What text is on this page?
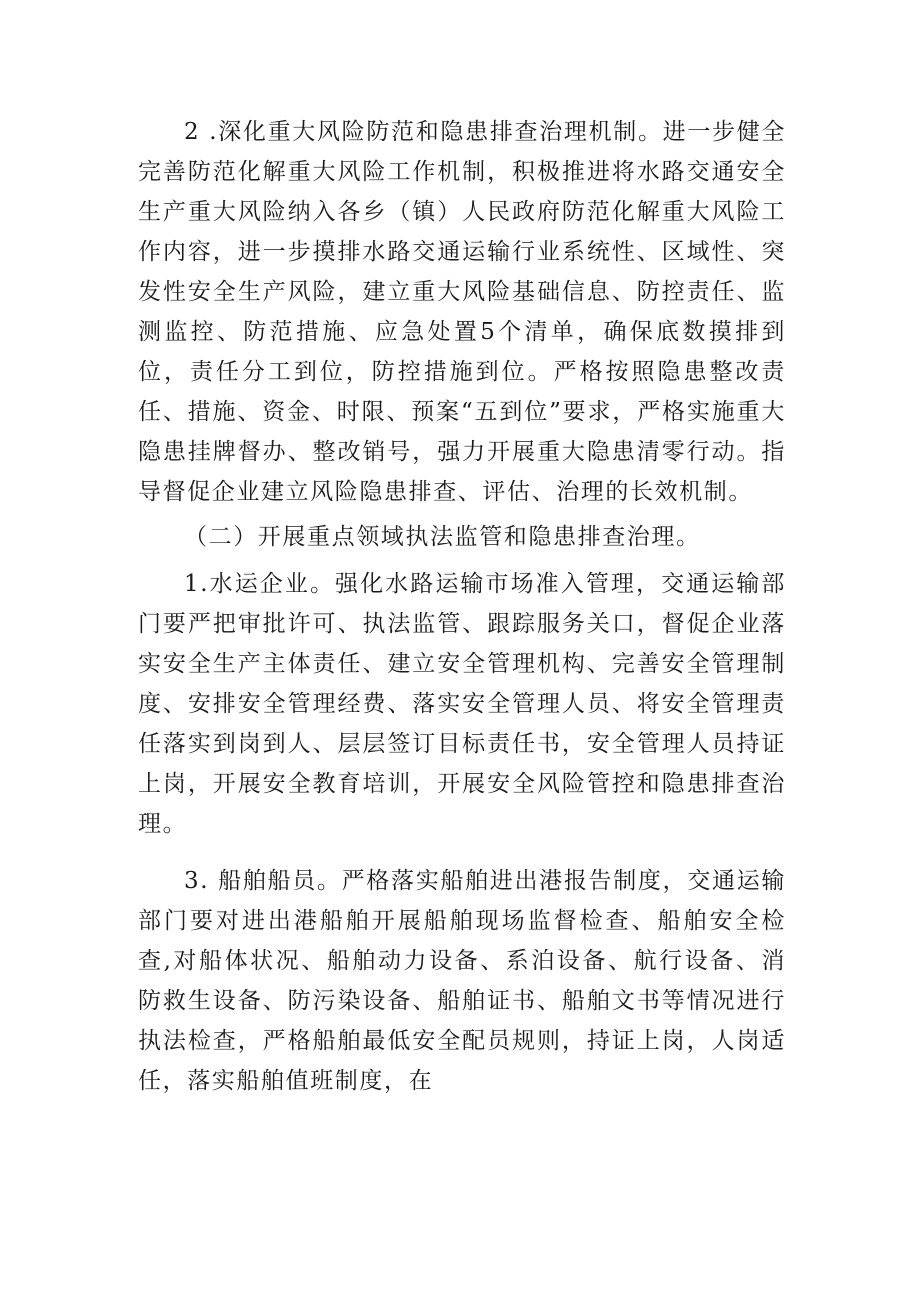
2 .深化重大风险防范和隐患排查治理机制。进一步健全完善防范化解重大风险工作机制，积极推进将水路交通安全生产重大风险纳入各乡（镇）人民政府防范化解重大风险工作内容，进一步摸排水路交通运输行业系统性、区域性、突发性安全生产风险，建立重大风险基础信息、防控责任、监测监控、防范措施、应急处置5个清单，确保底数摸排到位，责任分工到位，防控措施到位。严格按照隐患整改责任、措施、资金、时限、预案“五到位”要求，严格实施重大隐患挂牌督办、整改销号，强力开展重大隐患清零行动。指导督促企业建立风险隐患排查、评估、治理的长效机制。

（二）开展重点领域执法监管和隐患排查治理。

1.水运企业。强化水路运输市场准入管理，交通运输部门要严把审批许可、执法监管、跟踪服务关口，督促企业落实安全生产主体责任、建立安全管理机构、完善安全管理制度、安排安全管理经费、落实安全管理人员、将安全管理责任落实到岗到人、层层签订目标责任书，安全管理人员持证上岗，开展安全教育培训，开展安全风险管控和隐患排查治理。

3. 船舶船员。严格落实船舶进出港报告制度，交通运输部门要对进出港船舶开展船舶现场监督检查、船舶安全检查,对船体状况、船舶动力设备、系泊设备、航行设备、消防救生设备、防污染设备、船舶证书、船舶文书等情况进行执法检查，严格船舶最低安全配员规则，持证上岗，人岗适任，落实船舶值班制度，在
